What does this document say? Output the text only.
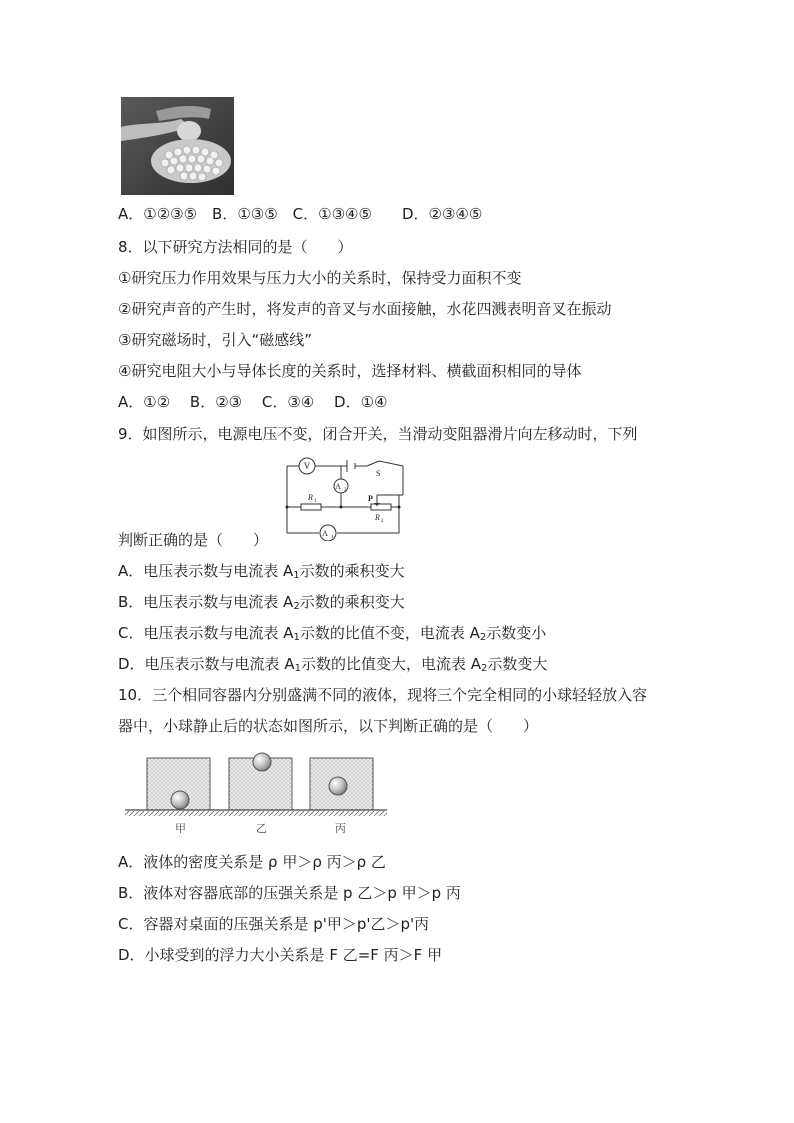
A．①②③⑤　B．①③⑤　C．①③④⑤　　D．②③④⑤
8．以下研究方法相同的是（　　）
①研究压力作用效果与压力大小的关系时，保持受力面积不变
②研究声音的产生时，将发声的音叉与水面接触，水花四溅表明音叉在振动
③研究磁场时，引入“磁感线”
④研究电阻大小与导体长度的关系时，选择材料、横截面积相同的导体
A．①②　 B．②③　 C．③④　 D．①④
9．如图所示，电源电压不变，闭合开关，当滑动变阻器滑片向左移动时，下列
V
A 2
R 1	P
R 2
S
A 1
判断正确的是（　　）
A．电压表示数与电流表 $A_1$示数的乘积变大
B．电压表示数与电流表 $A_2$示数的乘积变大
C．电压表示数与电流表 $A_1$示数的比值不变，电流表 $A_2$示数变小
D．电压表示数与电流表 $A_1$示数的比值变大，电流表 $A_2$示数变大
10．三个相同容器内分别盛满不同的液体，现将三个完全相同的小球轻轻放入容
器中，小球静止后的状态如图所示，以下判断正确的是（　　）
甲	乙	丙
A．液体的密度关系是 ρ 甲＞ρ 丙＞ρ 乙
B．液体对容器底部的压强关系是 p 乙＞p 甲＞p 丙
C．容器对桌面的压强关系是 p'甲＞p'乙＞p'丙
D．小球受到的浮力大小关系是 F 乙=F 丙＞F 甲
